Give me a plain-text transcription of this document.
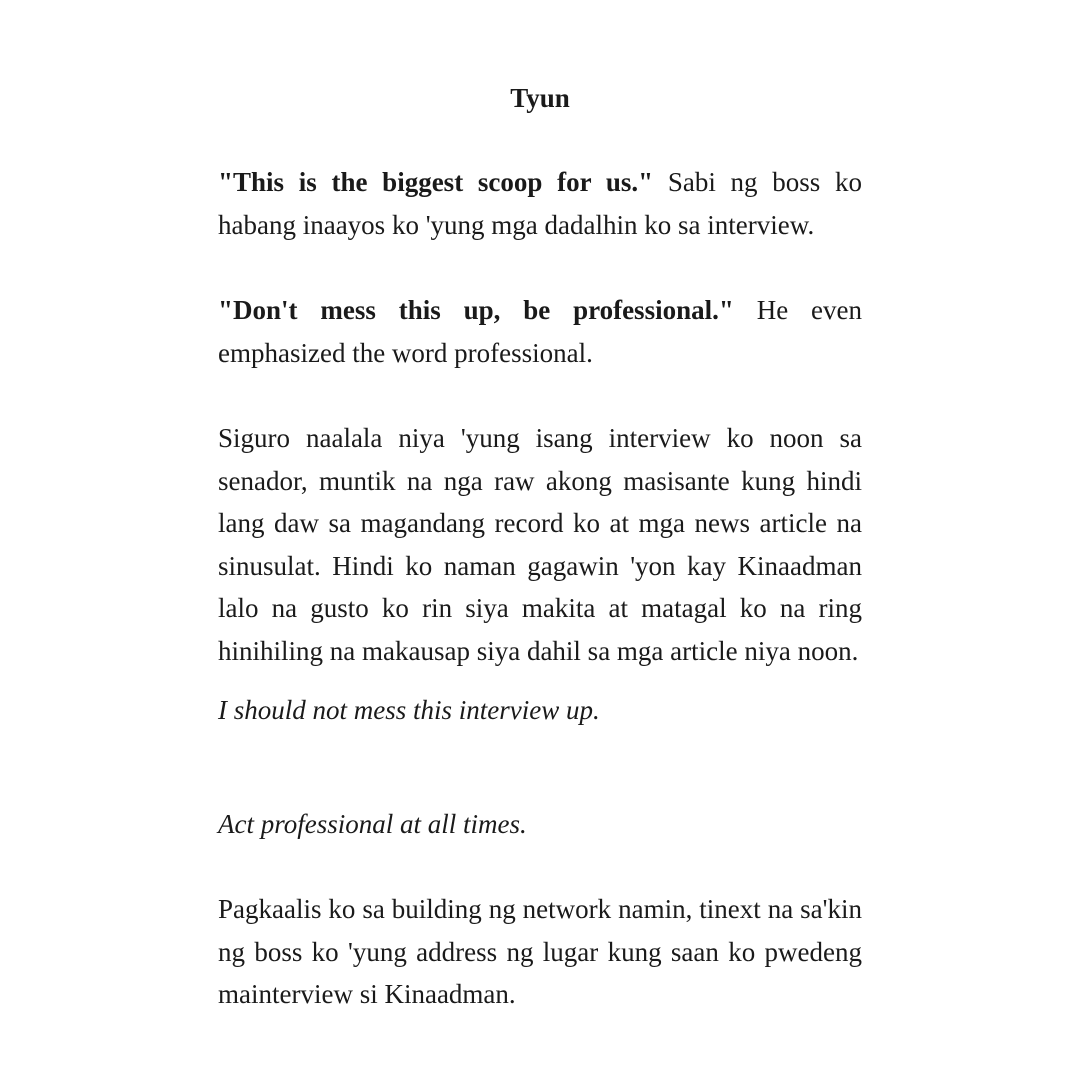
Tyun

"This is the biggest scoop for us." Sabi ng boss ko habang inaayos ko 'yung mga dadalhin ko sa interview.

"Don't mess this up, be professional." He even emphasized the word professional.

Siguro naalala niya 'yung isang interview ko noon sa senador, muntik na nga raw akong masisante kung hindi lang daw sa magandang record ko at mga news article na sinusulat. Hindi ko naman gagawin 'yon kay Kinaadman lalo na gusto ko rin siya makita at matagal ko na ring hinihiling na makausap siya dahil sa mga article niya noon.

I should not mess this interview up.

Act professional at all times.

Pagkaalis ko sa building ng network namin, tinext na sa'kin ng boss ko 'yung address ng lugar kung saan ko pwedeng mainterview si Kinaadman.
